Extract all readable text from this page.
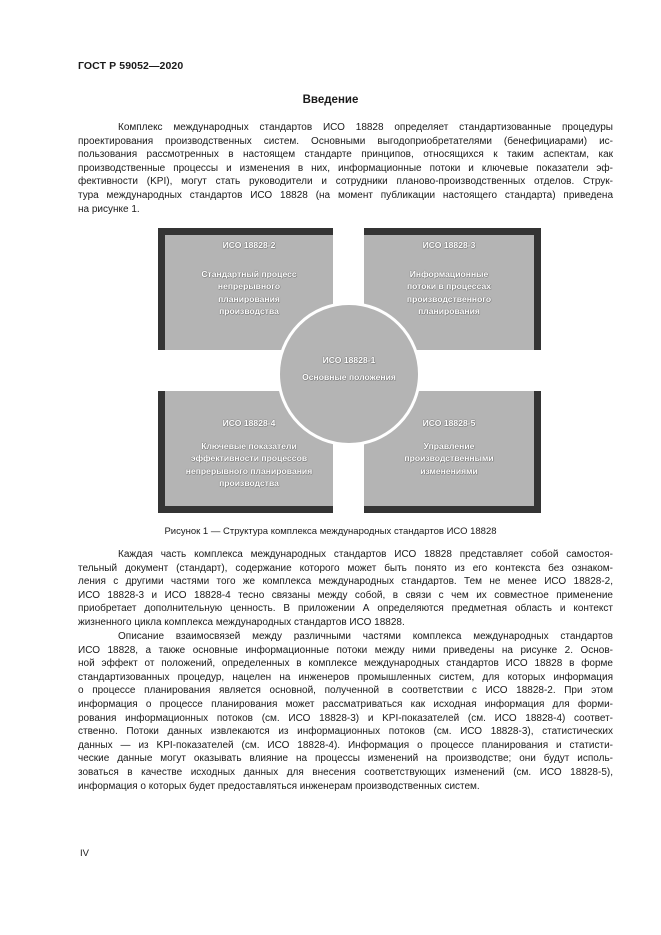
ГОСТ Р 59052—2020
Введение
Комплекс международных стандартов ИСО 18828 определяет стандартизованные процедуры
проектирования производственных систем. Основными выгодоприобретателями (бенефициарами) ис-
пользования рассмотренных в настоящем стандарте принципов, относящихся к таким аспектам, как
производственные процессы и изменения в них, информационные потоки и ключевые показатели эф-
фективности (KPI), могут стать руководители и сотрудники планово-производственных отделов. Струк-
тура международных стандартов ИСО 18828 (на момент публикации настоящего стандарта) приведена
на рисунке 1.
ИСО 18828-2
Стандартный процесс
непрерывного
планирования
производства
ИСО 18828-3
Информационные
потоки в процессах
производственного
планирования
ИСО 18828-1
Основные положения
ИСО 18828-4
Ключевые показатели
эффективности процессов
непрерывного планирования
производства
ИСО 18828-5
Управление
производственными
изменениями
Рисунок 1 — Структура комплекса международных стандартов ИСО 18828
Каждая часть комплекса международных стандартов ИСО 18828 представляет собой самостоя-
тельный документ (стандарт), содержание которого может быть понято из его контекста без ознаком-
ления с другими частями того же комплекса международных стандартов. Тем не менее ИСО 18828-2,
ИСО 18828-3 и ИСО 18828-4 тесно связаны между собой, в связи с чем их совместное применение
приобретает дополнительную ценность. В приложении А определяются предметная область и контекст
жизненного цикла комплекса международных стандартов ИСО 18828.
Описание взаимосвязей между различными частями комплекса международных стандартов
ИСО 18828, а также основные информационные потоки между ними приведены на рисунке 2. Основ-
ной эффект от положений, определенных в комплексе международных стандартов ИСО 18828 в форме
стандартизованных процедур, нацелен на инженеров промышленных систем, для которых информация
о процессе планирования является основной, полученной в соответствии с ИСО 18828-2. При этом
информация о процессе планирования может рассматриваться как исходная информация для форми-
рования информационных потоков (см. ИСО 18828-3) и KPI-показателей (см. ИСО 18828-4) соответ-
ственно. Потоки данных извлекаются из информационных потоков (см. ИСО 18828-3), статистических
данных — из KPI-показателей (см. ИСО 18828-4). Информация о процессе планирования и статисти-
ческие данные могут оказывать влияние на процессы изменений на производстве; они будут исполь-
зоваться в качестве исходных данных для внесения соответствующих изменений (см. ИСО 18828-5),
информация о которых будет предоставляться инженерам производственных систем.
IV
